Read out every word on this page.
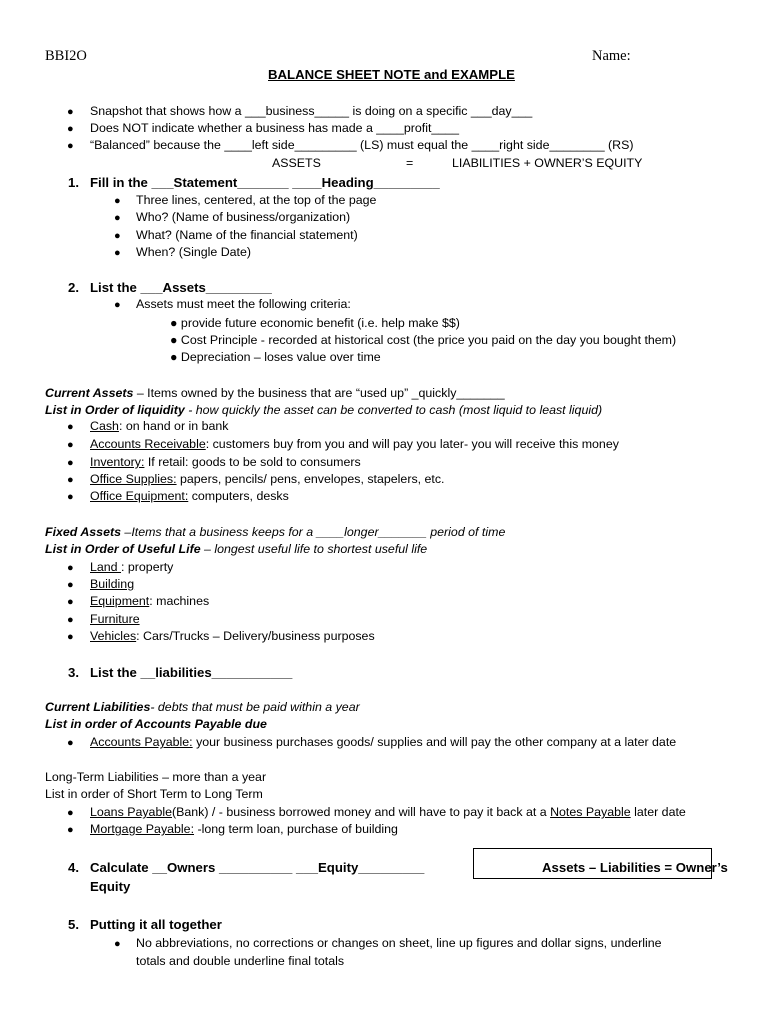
BBI2O	Name:
BALANCE SHEET NOTE and EXAMPLE
● Snapshot that shows how a ___business_____ is doing on a specific ___day___
● Does NOT indicate whether a business has made a ____profit____
● “Balanced” because the ____left side_________ (LS) must equal the ____right side________ (RS)
ASSETS	=	LIABILITIES + OWNER’S EQUITY
1. Fill in the ___Statement_______ ____Heading_________
● Three lines, centered, at the top of the page
● Who? (Name of business/organization)
● What? (Name of the financial statement)
● When? (Single Date)
2. List the ___Assets_________
● Assets must meet the following criteria:
● provide future economic benefit (i.e. help make $$)
● Cost Principle - recorded at historical cost (the price you paid on the day you bought them)
● Depreciation – loses value over time
Current Assets – Items owned by the business that are “used up” _quickly_______
List in Order of liquidity - how quickly the asset can be converted to cash (most liquid to least liquid)
● Cash: on hand or in bank
● Accounts Receivable: customers buy from you and will pay you later- you will receive this money
● Inventory: If retail: goods to be sold to consumers
● Office Supplies: papers, pencils/ pens, envelopes, stapelers, etc.
● Office Equipment: computers, desks
Fixed Assets –Items that a business keeps for a ____longer_______ period of time
List in Order of Useful Life – longest useful life to shortest useful life
● Land : property
● Building
● Equipment: machines
● Furniture
● Vehicles: Cars/Trucks – Delivery/business purposes
3. List the __liabilities___________
Current Liabilities- debts that must be paid within a year
List in order of Accounts Payable due
● Accounts Payable: your business purchases goods/ supplies and will pay the other company at a later date
Long-Term Liabilities – more than a year
List in order of Short Term to Long Term
● Loans Payable(Bank) / - business borrowed money and will have to pay it back at a Notes Payable later date
● Mortgage Payable: -long term loan, purchase of building
4. Calculate __Owners __________ ___Equity_________
Equity
Assets – Liabilities = Owner’s
5. Putting it all together
● No abbreviations, no corrections or changes on sheet, line up figures and dollar signs, underline
totals and double underline final totals
